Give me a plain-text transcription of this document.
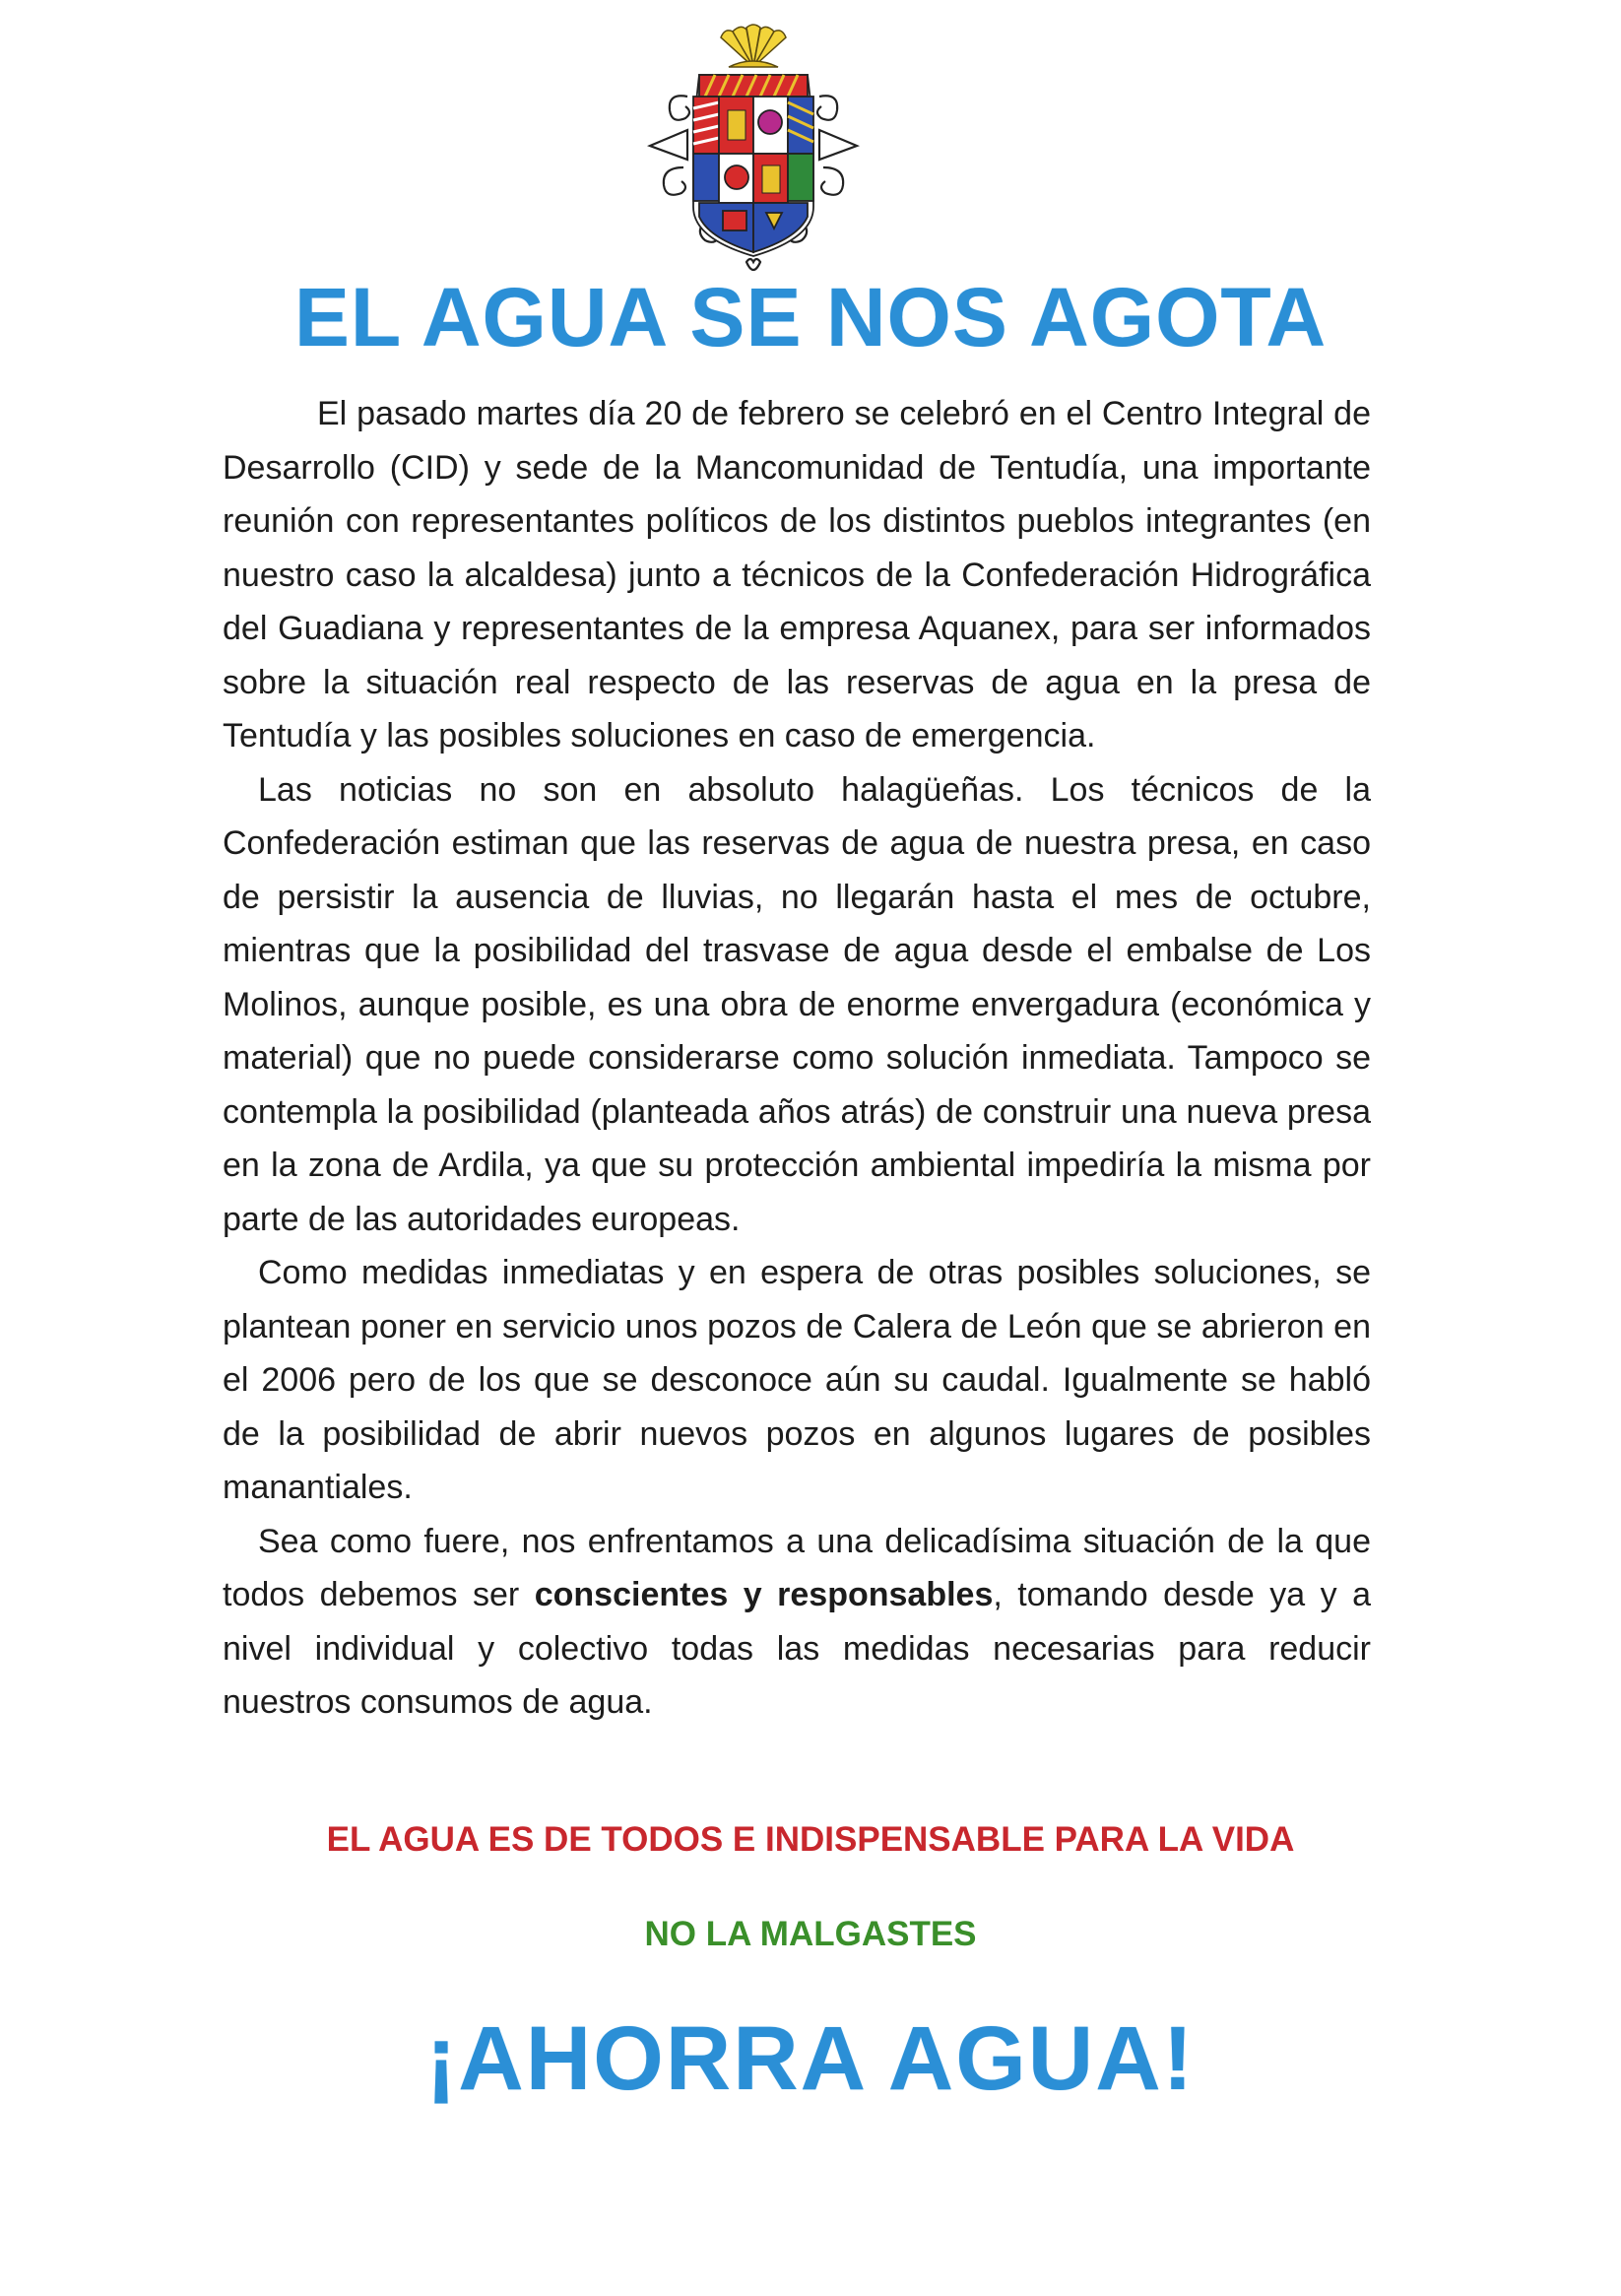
EL AGUA SE NOS AGOTA

El pasado martes día 20 de febrero se celebró en el Centro Integral de Desarrollo (CID) y sede de la Mancomunidad de Tentudía, una importante reunión con representantes políticos de los distintos pueblos integrantes (en nuestro caso la alcaldesa) junto a técnicos de la Confederación Hidrográfica del Guadiana y representantes de la empresa Aquanex, para ser informados sobre la situación real respecto de las reservas de agua en la presa de Tentudía y las posibles soluciones en caso de emergencia.

Las noticias no son en absoluto halagüeñas. Los técnicos de la Confederación estiman que las reservas de agua de nuestra presa, en caso de persistir la ausencia de lluvias, no llegarán hasta el mes de octubre, mientras que la posibilidad del trasvase de agua desde el embalse de Los Molinos, aunque posible, es una obra de enorme envergadura (económica y material) que no puede considerarse como solución inmediata. Tampoco se contempla la posibilidad (planteada años atrás) de construir una nueva presa en la zona de Ardila, ya que su protección ambiental impediría la misma por parte de las autoridades europeas.

Como medidas inmediatas y en espera de otras posibles soluciones, se plantean poner en servicio unos pozos de Calera de León que se abrieron en el 2006 pero de los que se desconoce aún su caudal. Igualmente se habló de la posibilidad de abrir nuevos pozos en algunos lugares de posibles manantiales.

Sea como fuere, nos enfrentamos a una delicadísima situación de la que todos debemos ser conscientes y responsables, tomando desde ya y a nivel individual y colectivo todas las medidas necesarias para reducir nuestros consumos de agua.

EL AGUA ES DE TODOS E INDISPENSABLE PARA LA VIDA
NO LA MALGASTES
¡AHORRA AGUA!
